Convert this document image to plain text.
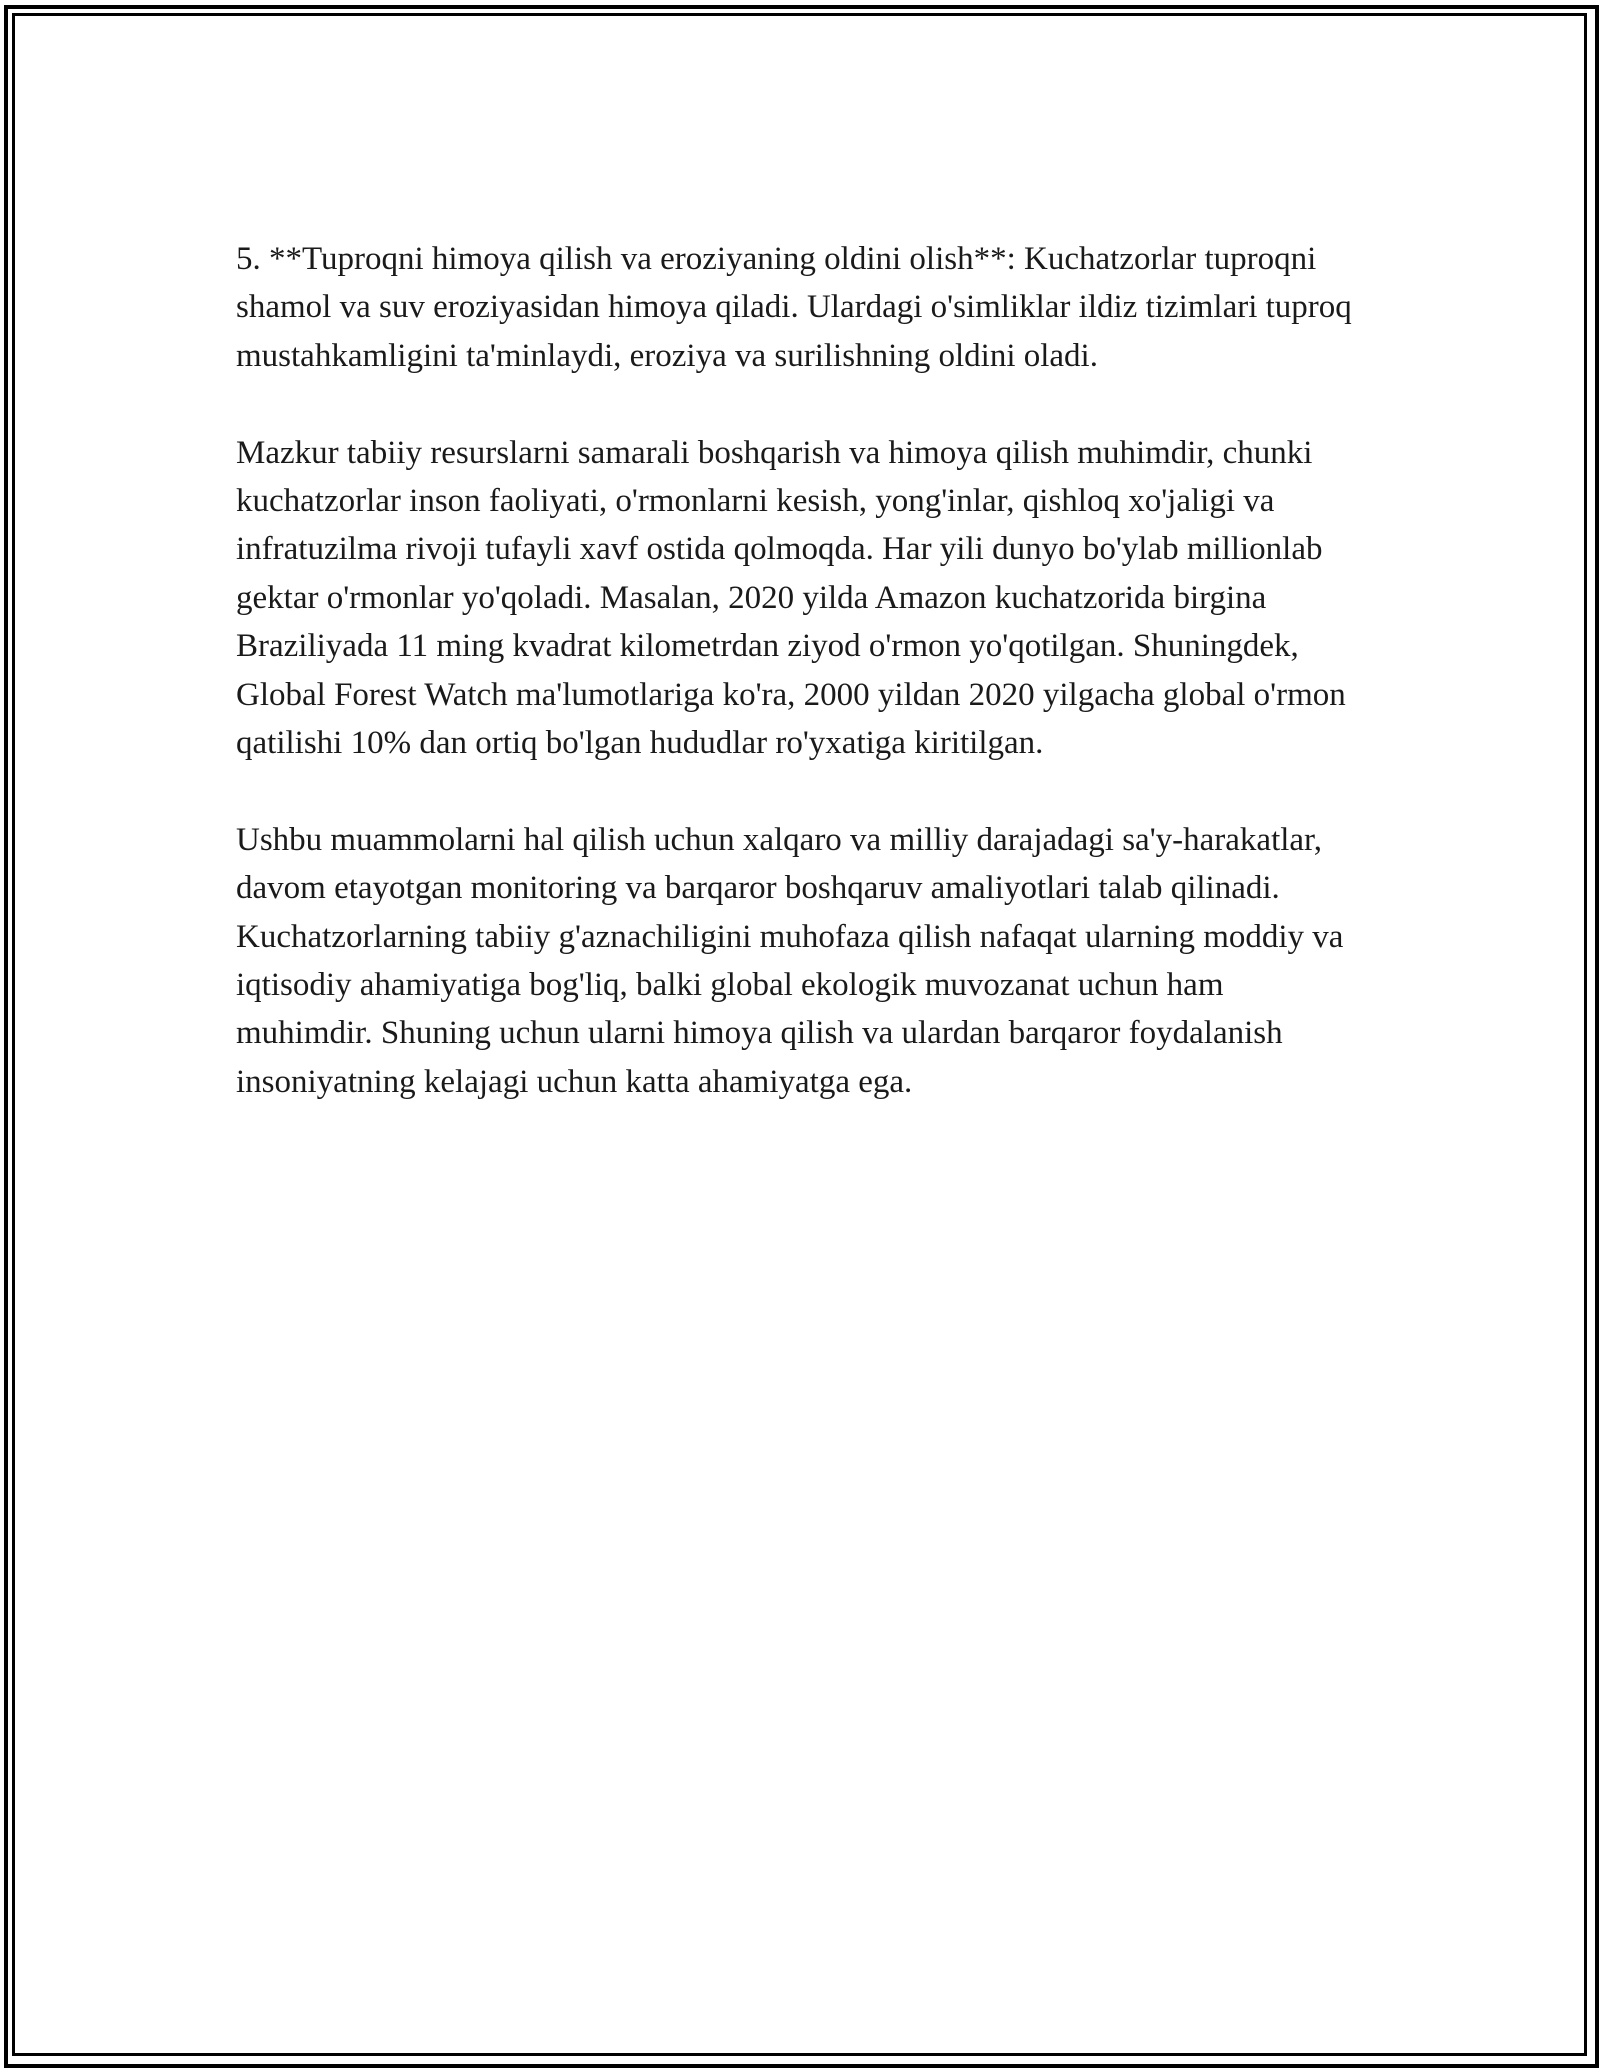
5. **Tuproqni himoya qilish va eroziyaning oldini olish**: Kuchatzorlar tuproqni shamol va suv eroziyasidan himoya qiladi. Ulardagi o'simliklar ildiz tizimlari tuproq mustahkamligini ta'minlaydi, eroziya va surilishning oldini oladi.

Mazkur tabiiy resurslarni samarali boshqarish va himoya qilish muhimdir, chunki kuchatzorlar inson faoliyati, o'rmonlarni kesish, yong'inlar, qishloq xo'jaligi va infratuzilma rivoji tufayli xavf ostida qolmoqda. Har yili dunyo bo'ylab millionlab gektar o'rmonlar yo'qoladi. Masalan, 2020 yilda Amazon kuchatzorida birgina Braziliyada 11 ming kvadrat kilometrdan ziyod o'rmon yo'qotilgan. Shuningdek, Global Forest Watch ma'lumotlariga ko'ra, 2000 yildan 2020 yilgacha global o'rmon qatilishi 10% dan ortiq bo'lgan hududlar ro'yxatiga kiritilgan.

Ushbu muammolarni hal qilish uchun xalqaro va milliy darajadagi sa'y-harakatlar, davom etayotgan monitoring va barqaror boshqaruv amaliyotlari talab qilinadi. Kuchatzorlarning tabiiy g'aznachiligini muhofaza qilish nafaqat ularning moddiy va iqtisodiy ahamiyatiga bog'liq, balki global ekologik muvozanat uchun ham muhimdir. Shuning uchun ularni himoya qilish va ulardan barqaror foydalanish insoniyatning kelajagi uchun katta ahamiyatga ega.
